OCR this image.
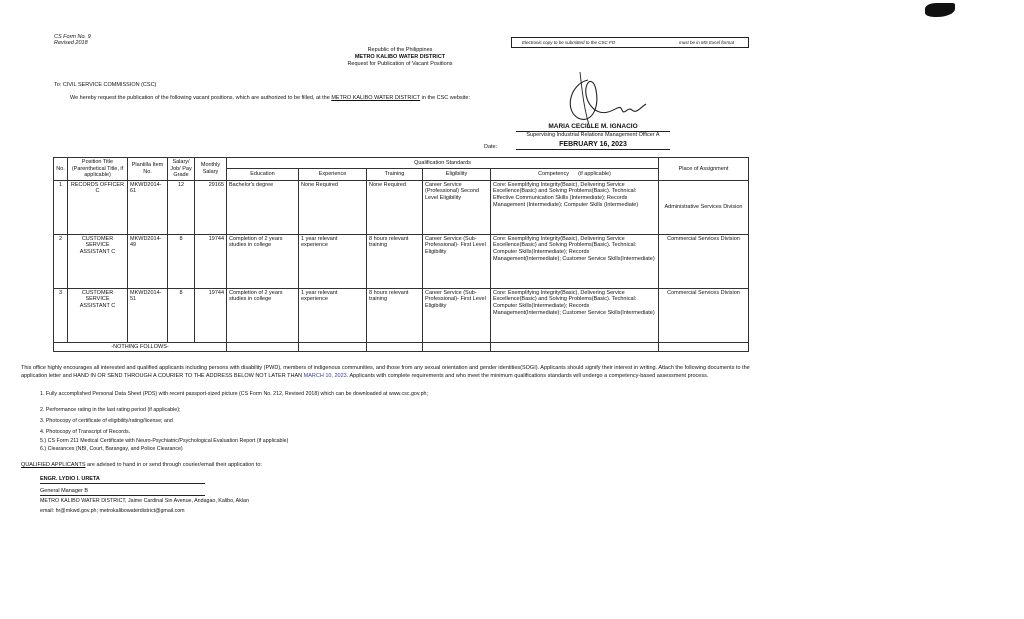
CS Form No. 9
Revised 2018	Electronic copy to be submitted to the CSC FO	must be in MS Excel format
Republic of the Philippines
METRO KALIBO WATER DISTRICT
Request for Publication of Vacant Positions
To: CIVIL SERVICE COMMISSION (CSC)
We hereby request the publication of the following vacant positions, which are authorized to be filled, at the METRO KALIBO WATER DISTRICT in the CSC website:
MARIA CECILLE M. IGNACIO
Supervising Industrial Relations Management Officer A
Date:	FEBRUARY 16, 2023
No.	Position Title (Parenthetical Title, if applicable)	Plantilla Item No.	Salary/ Job/ Pay Grade	Monthly Salary	Qualification Standards					Place of Assignment
					Education	Experience	Training	Eligibility	Competency (if applicable)	
1	RECORDS OFFICER C	MKWD2014-61	12	29165	Bachelor's degree	None Required	None Required	Career Service (Professional) Second Level Eligibility	Core: Exemplifying Integrity(Basic), Delivering Service Excellence(Basic) and Solving Problems(Basic). Technical: Effective Communication Skills (Intermediate); Records Management (Intermediate); Computer Skills (Intermediate)	Administrative Services Division
2	CUSTOMER SERVICE ASSISTANT C	MKWD2014-49	8	19744	Completion of 2 years studies in college	1 year relevant experience	8 hours relevant training	Career Service (Sub-Professional)- First Level Eligibility	Core: Exemplifying Integrity(Basic), Delivering Service Excellence(Basic) and Solving Problems(Basic). Technical: Computer Skills(Intermediate); Records Management(Intermediate); Customer Service Skills(Intermediate)	Commercial Services Division
3	CUSTOMER SERVICE ASSISTANT C	MKWD2014-51	8	19744	Completion of 2 years studies in college	1 year relevant experience	8 hours relevant training	Career Service (Sub-Professional)- First Level Eligibility	Core: Exemplifying Integrity(Basic), Delivering Service Excellence(Basic) and Solving Problems(Basic). Technical: Computer Skills(Intermediate); Records Management(Intermediate); Customer Service Skills(Intermediate)	Commercial Services Division
-NOTHING FOLLOWS-										
This office highly encourages all interested and qualified applicants including persons with disability (PWD), members of indigenous communities, and those from any sexual orientation and gender identities(SOGI). Applicants should signify their interest in writing. Attach the following documents to the application letter and HAND IN OR SEND THROUGH A COURIER TO THE ADDRESS BELOW NOT LATER THAN MARCH 10, 2023. Applicants with complete requirements and who meet the minimum qualifications standards will undergo a competency-based assessment process.
1. Fully accomplished Personal Data Sheet (PDS) with recent passport-sized picture (CS Form No. 212, Revised 2018) which can be downloaded at www.csc.gov.ph;
2. Performance rating in the last rating period (if applicable);
3. Photocopy of certificate of eligibility/rating/license; and
4. Photocopy of Transcript of Records.
5.) CS Form 211 Medical Certificate with Neuro-Psychiatric/Psychological Evaluation Report (if applicable)
6.) Clearances (NBI, Court, Barangay, and Police Clearance)
QUALIFIED APPLICANTS are advised to hand in or send through courier/email their application to:
ENGR. LYDIO I. URETA
General Manager B
METRO KALIBO WATER DISTRICT, Jaime Cardinal Sin Avenue, Andagao, Kalibo, Aklan
email: hr@mkwd.gov.ph; metrokalibowaterdistrict@gmail.com
